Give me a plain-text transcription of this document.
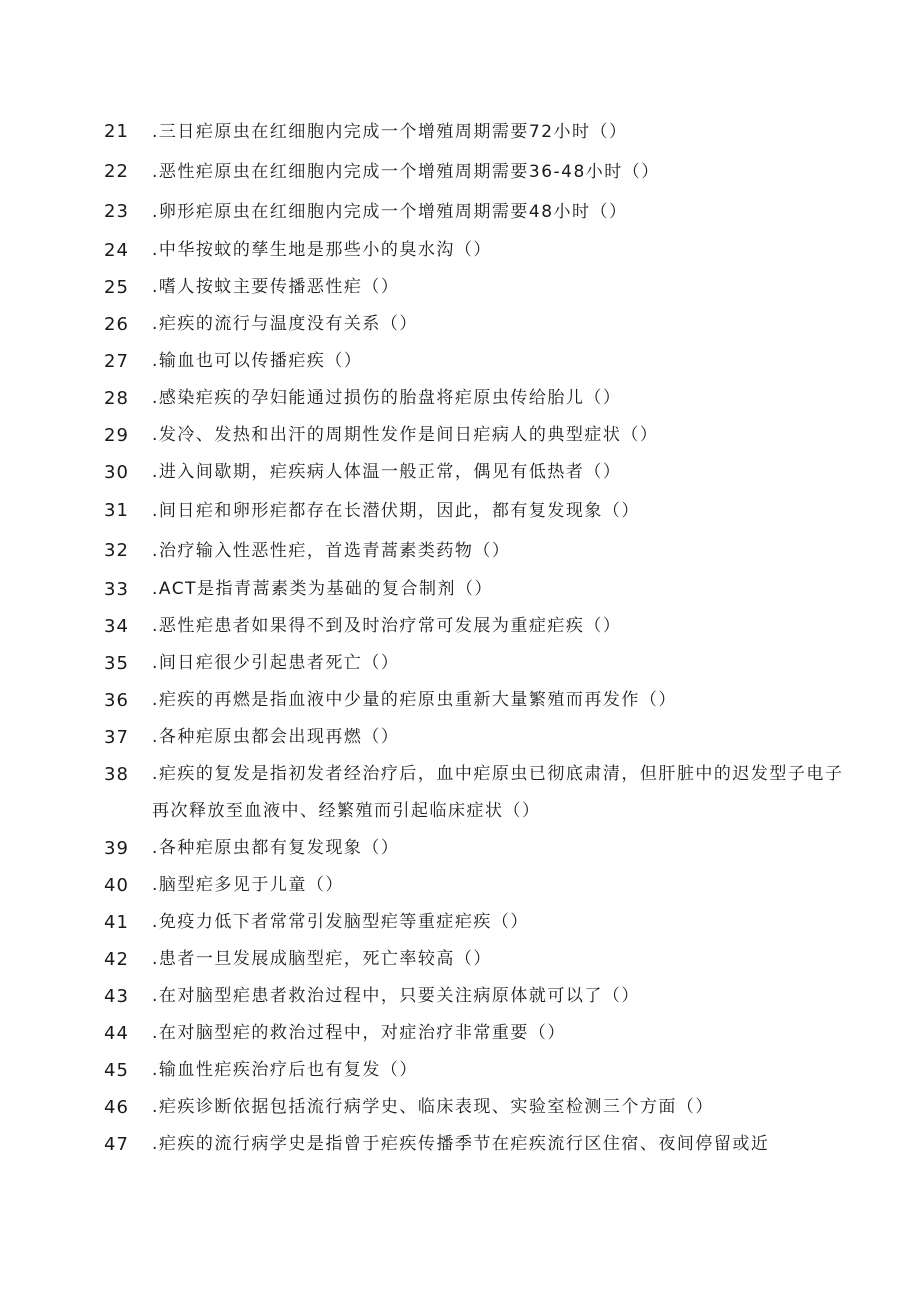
21	.三日疟原虫在红细胞内完成一个增殖周期需要72小时（）
22	.恶性疟原虫在红细胞内完成一个增殖周期需要36-48小时（）
23	.卵形疟原虫在红细胞内完成一个增殖周期需要48小时（）
24	.中华按蚊的孳生地是那些小的臭水沟（）
25	.嗜人按蚊主要传播恶性疟（）
26	.疟疾的流行与温度没有关系（）
27	.输血也可以传播疟疾（）
28	.感染疟疾的孕妇能通过损伤的胎盘将疟原虫传给胎儿（）
29	.发冷、发热和出汗的周期性发作是间日疟病人的典型症状（）
30	.进入间歇期，疟疾病人体温一般正常，偶见有低热者（）
31	.间日疟和卵形疟都存在长潜伏期，因此，都有复发现象（）
32	.治疗输入性恶性疟，首选青蒿素类药物（）
33	.ACT是指青蒿素类为基础的复合制剂（）
34	.恶性疟患者如果得不到及时治疗常可发展为重症疟疾（）
35	.间日疟很少引起患者死亡（）
36	.疟疾的再燃是指血液中少量的疟原虫重新大量繁殖而再发作（）
37	.各种疟原虫都会出现再燃（）
38	.疟疾的复发是指初发者经治疗后，血中疟原虫已彻底肃清，但肝脏中的迟发型子电子再次释放至血液中、经繁殖而引起临床症状（）
39	.各种疟原虫都有复发现象（）
40	.脑型疟多见于儿童（）
41	.免疫力低下者常常引发脑型疟等重症疟疾（）
42	.患者一旦发展成脑型疟，死亡率较高（）
43	.在对脑型疟患者救治过程中，只要关注病原体就可以了（）
44	.在对脑型疟的救治过程中，对症治疗非常重要（）
45	.输血性疟疾治疗后也有复发（）
46	.疟疾诊断依据包括流行病学史、临床表现、实验室检测三个方面（）
47	.疟疾的流行病学史是指曾于疟疾传播季节在疟疾流行区住宿、夜间停留或近
